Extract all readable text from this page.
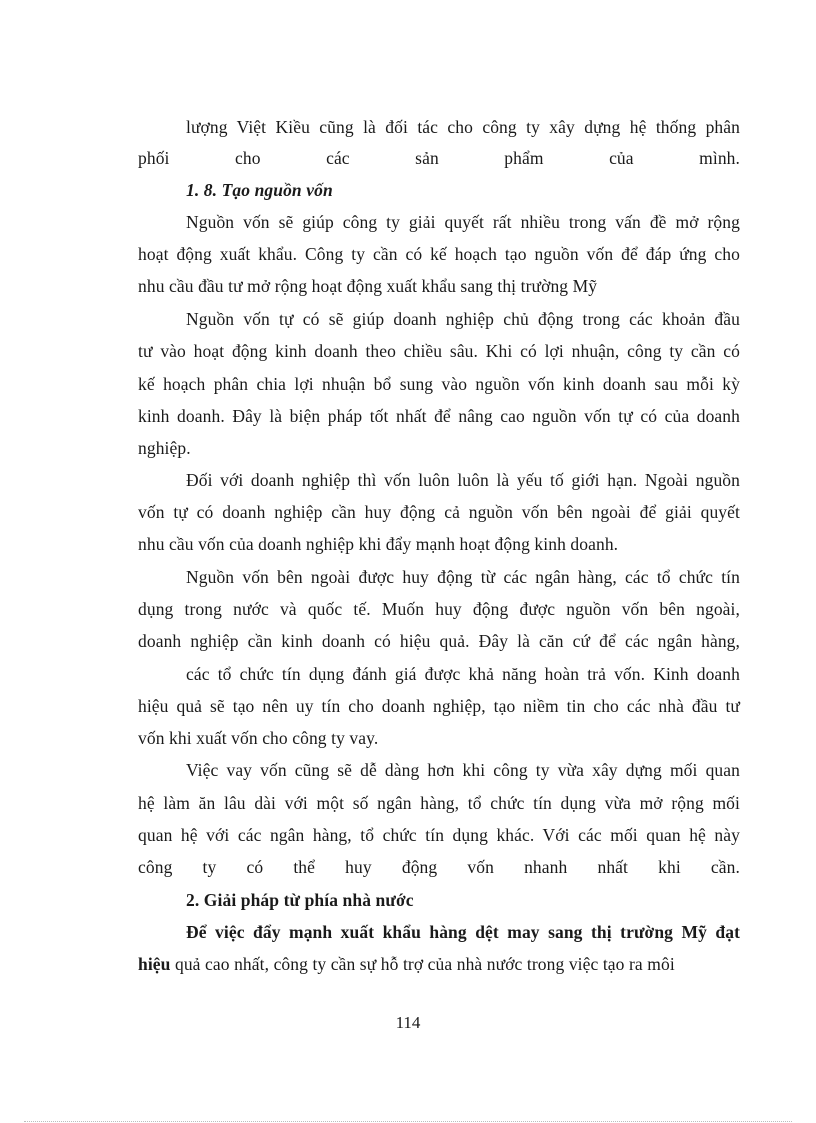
lượng Việt Kiều cũng là đối tác cho công ty xây dựng hệ thống phân
phối cho các sản phẩm của mình.
1. 8. Tạo nguồn vốn
Nguồn vốn sẽ giúp công ty giải quyết rất nhiều trong vấn đề mở rộng
hoạt động xuất khẩu. Công ty cần có kế hoạch tạo nguồn vốn để đáp ứng cho
nhu cầu đầu tư mở rộng hoạt động xuất khẩu sang thị trường Mỹ
Nguồn vốn tự có sẽ giúp doanh nghiệp chủ động trong các khoản đầu
tư vào hoạt động kinh doanh theo chiều sâu. Khi có lợi nhuận, công ty cần có
kế hoạch phân chia lợi nhuận bổ sung vào nguồn vốn kinh doanh sau mỗi kỳ
kinh doanh. Đây là biện pháp tốt nhất để nâng cao nguồn vốn tự có của doanh
nghiệp.
Đối với doanh nghiệp thì vốn luôn luôn là yếu tố giới hạn. Ngoài nguồn
vốn tự có doanh nghiệp cần huy động cả nguồn vốn bên ngoài để giải quyết
nhu cầu vốn của doanh nghiệp khi đẩy mạnh hoạt động kinh doanh.
Nguồn vốn bên ngoài được huy động từ các ngân hàng, các tổ chức tín
dụng trong nước và quốc tế. Muốn huy động được nguồn vốn bên ngoài,
doanh nghiệp cần kinh doanh có hiệu quả. Đây là căn cứ để các ngân hàng,
các tổ chức tín dụng đánh giá được khả năng hoàn trả vốn. Kinh doanh
hiệu quả sẽ tạo nên uy tín cho doanh nghiệp, tạo niềm tin cho các nhà đầu tư
vốn khi xuất vốn cho công ty vay.
Việc vay vốn cũng sẽ dễ dàng hơn khi công ty vừa xây dựng mối quan
hệ làm ăn lâu dài với một số ngân hàng, tổ chức tín dụng vừa mở rộng mối
quan hệ với các ngân hàng, tổ chức tín dụng khác. Với các mối quan hệ này
công ty có thể huy động vốn nhanh nhất khi cần.
2. Giải pháp từ phía nhà nước
Để việc đẩy mạnh xuất khẩu hàng dệt may sang thị trường Mỹ đạt
hiệu quả cao nhất, công ty cần sự hỗ trợ của nhà nước trong việc tạo ra môi
114
